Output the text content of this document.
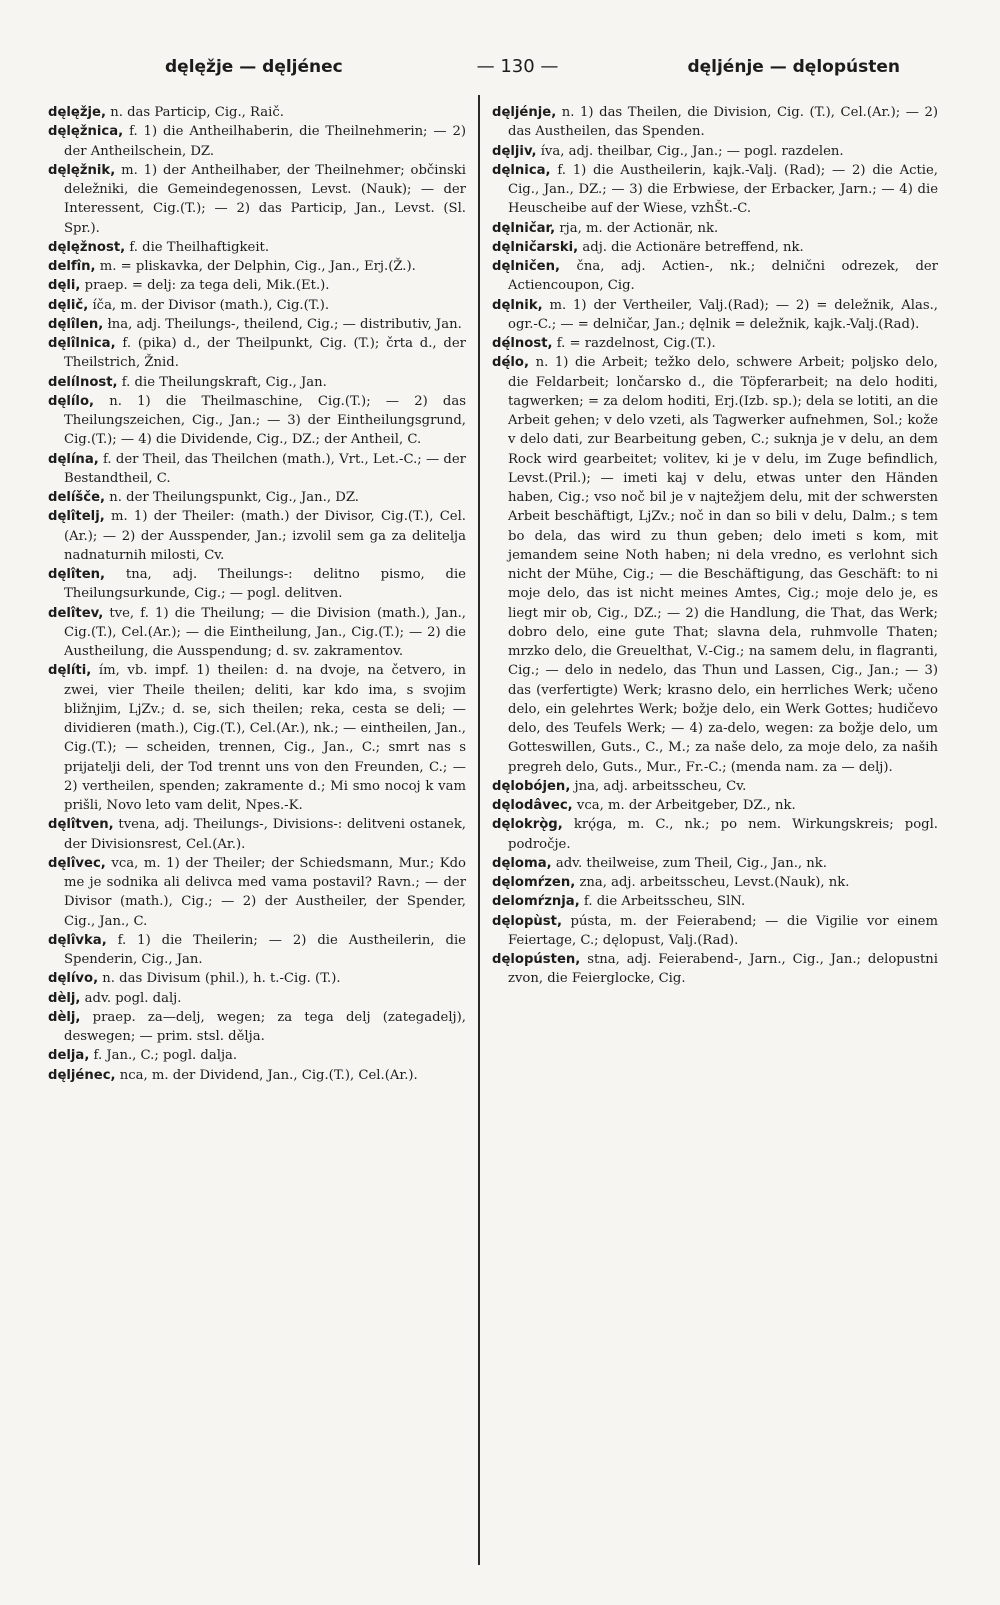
dęlęžje — dęljénec	— 130 —	dęljénje — dęlopústen

dęlęžje, n. das Particip, Cig., Raič.

dęlęžnica, f. 1) die Antheilhaberin, die Theilnehmerin; — 2) der Antheilschein, DZ.

dęlęžnik, m. 1) der Antheilhaber, der Theilnehmer; občinski deležniki, die Gemeindegenossen, Levst. (Nauk); — der Interessent, Cig.(T.); — 2) das Particip, Jan., Levst. (Sl. Spr.).

dęlęžnost, f. die Theilhaftigkeit.

delfîn, m. = pliskavka, der Delphin, Cig., Jan., Erj.(Ž.).

dęli, praep. = delj: za tega deli, Mik.(Et.).

dęlič, íča, m. der Divisor (math.), Cig.(T.).

dęlîlen, łna, adj. Theilungs-, theilend, Cig.; — distributiv, Jan.

dęlîlnica, f. (pika) d., der Theilpunkt, Cig. (T.); črta d., der Theilstrich, Žnid.

delílnost, f. die Theilungskraft, Cig., Jan.

dęlílo, n. 1) die Theilmaschine, Cig.(T.); — 2) das Theilungszeichen, Cig., Jan.; — 3) der Eintheilungsgrund, Cig.(T.); — 4) die Dividende, Cig., DZ.; der Antheil, C.

dęlína, f. der Theil, das Theilchen (math.), Vrt., Let.-C.; — der Bestandtheil, C.

delíšče, n. der Theilungspunkt, Cig., Jan., DZ.

dęlîtelj, m. 1) der Theiler: (math.) der Divisor, Cig.(T.), Cel.(Ar.); — 2) der Ausspender, Jan.; izvolil sem ga za delitelja nadnaturnih milosti, Cv.

dęlîten, tna, adj. Theilungs-: delitno pismo, die Theilungsurkunde, Cig.; — pogl. delitven.

delîtev, tve, f. 1) die Theilung; — die Division (math.), Jan., Cig.(T.), Cel.(Ar.); — die Eintheilung, Jan., Cig.(T.); — 2) die Austheilung, die Ausspendung; d. sv. zakramentov.

dęlíti, ím, vb. impf. 1) theilen: d. na dvoje, na četvero, in zwei, vier Theile theilen; deliti, kar kdo ima, s svojim bližnjim, LjZv.; d. se, sich theilen; reka, cesta se deli; — dividieren (math.), Cig.(T.), Cel.(Ar.), nk.; — eintheilen, Jan., Cig.(T.); — scheiden, trennen, Cig., Jan., C.; smrt nas s prijatelji deli, der Tod trennt uns von den Freunden, C.; — 2) vertheilen, spenden; zakramente d.; Mi smo nocoj k vam prišli, Novo leto vam delit, Npes.-K.

dęlîtven, tvena, adj. Theilungs-, Divisions-: delitveni ostanek, der Divisionsrest, Cel.(Ar.).

dęlîvec, vca, m. 1) der Theiler; der Schiedsmann, Mur.; Kdo me je sodnika ali delivca med vama postavil? Ravn.; — der Divisor (math.), Cig.; — 2) der Austheiler, der Spender, Cig., Jan., C.

dęlîvka, f. 1) die Theilerin; — 2) die Austheilerin, die Spenderin, Cig., Jan.

dęlívo, n. das Divisum (phil.), h. t.-Cig. (T.).

dèlj, adv. pogl. dalj.

dèlj, praep. za—delj, wegen; za tega delj (zategadelj), deswegen; — prim. stsl. dělja.

delja, f. Jan., C.; pogl. dalja.

dęljénec, nca, m. der Dividend, Jan., Cig.(T.), Cel.(Ar.).

dęljénje, n. 1) das Theilen, die Division, Cig. (T.), Cel.(Ar.); — 2) das Austheilen, das Spenden.

dęljiv, íva, adj. theilbar, Cig., Jan.; — pogl. razdelen.

dęlnica, f. 1) die Austheilerin, kajk.-Valj. (Rad); — 2) die Actie, Cig., Jan., DZ.; — 3) die Erbwiese, der Erbacker, Jarn.; — 4) die Heuscheibe auf der Wiese, vzhŠt.-C.

dęlničar, rja, m. der Actionär, nk.

dęlničarski, adj. die Actionäre betreffend, nk.

dęlničen, čna, adj. Actien-, nk.; delnični odrezek, der Actiencoupon, Cig.

dęlnik, m. 1) der Vertheiler, Valj.(Rad); — 2) = deležnik, Alas., ogr.-C.; — = delničar, Jan.; dęlnik = deležnik, kajk.-Valj.(Rad).

dę́lnost, f. = razdelnost, Cig.(T.).

dę́lo, n. 1) die Arbeit; težko delo, schwere Arbeit; poljsko delo, die Feldarbeit; lončarsko d., die Töpferarbeit; na delo hoditi, tagwerken; = za delom hoditi, Erj.(Izb. sp.); dela se lotiti, an die Arbeit gehen; v delo vzeti, als Tagwerker aufnehmen, Sol.; kože v delo dati, zur Bearbeitung geben, C.; suknja je v delu, an dem Rock wird gearbeitet; volitev, ki je v delu, im Zuge befindlich, Levst.(Pril.); — imeti kaj v delu, etwas unter den Händen haben, Cig.; vso noč bil je v najtežjem delu, mit der schwersten Arbeit beschäftigt, LjZv.; noč in dan so bili v delu, Dalm.; s tem bo dela, das wird zu thun geben; delo imeti s kom, mit jemandem seine Noth haben; ni dela vredno, es verlohnt sich nicht der Mühe, Cig.; — die Beschäftigung, das Geschäft: to ni moje delo, das ist nicht meines Amtes, Cig.; moje delo je, es liegt mir ob, Cig., DZ.; — 2) die Handlung, die That, das Werk; dobro delo, eine gute That; slavna dela, ruhmvolle Thaten; mrzko delo, die Greuelthat, V.-Cig.; na samem delu, in flagranti, Cig.; — delo in nedelo, das Thun und Lassen, Cig., Jan.; — 3) das (verfertigte) Werk; krasno delo, ein herrliches Werk; učeno delo, ein gelehrtes Werk; božje delo, ein Werk Gottes; hudičevo delo, des Teufels Werk; — 4) za-delo, wegen: za božje delo, um Gotteswillen, Guts., C., M.; za naše delo, za moje delo, za naših pregreh delo, Guts., Mur., Fr.-C.; (menda nam. za — delj).

dęlobójen, jna, adj. arbeitsscheu, Cv.

dęlodâvec, vca, m. der Arbeitgeber, DZ., nk.

dęlokrǫ̀g, krǫ́ga, m. C., nk.; po nem. Wirkungskreis; pogl. področje.

dęloma, adv. theilweise, zum Theil, Cig., Jan., nk.

dęlomŕzen, zna, adj. arbeitsscheu, Levst.(Nauk), nk.

delomŕznja, f. die Arbeitsscheu, SlN.

dęlopùst, pústa, m. der Feierabend; — die Vigilie vor einem Feiertage, C.; dęlopust, Valj.(Rad).

dęlopústen, stna, adj. Feierabend-, Jarn., Cig., Jan.; delopustni zvon, die Feierglocke, Cig.
